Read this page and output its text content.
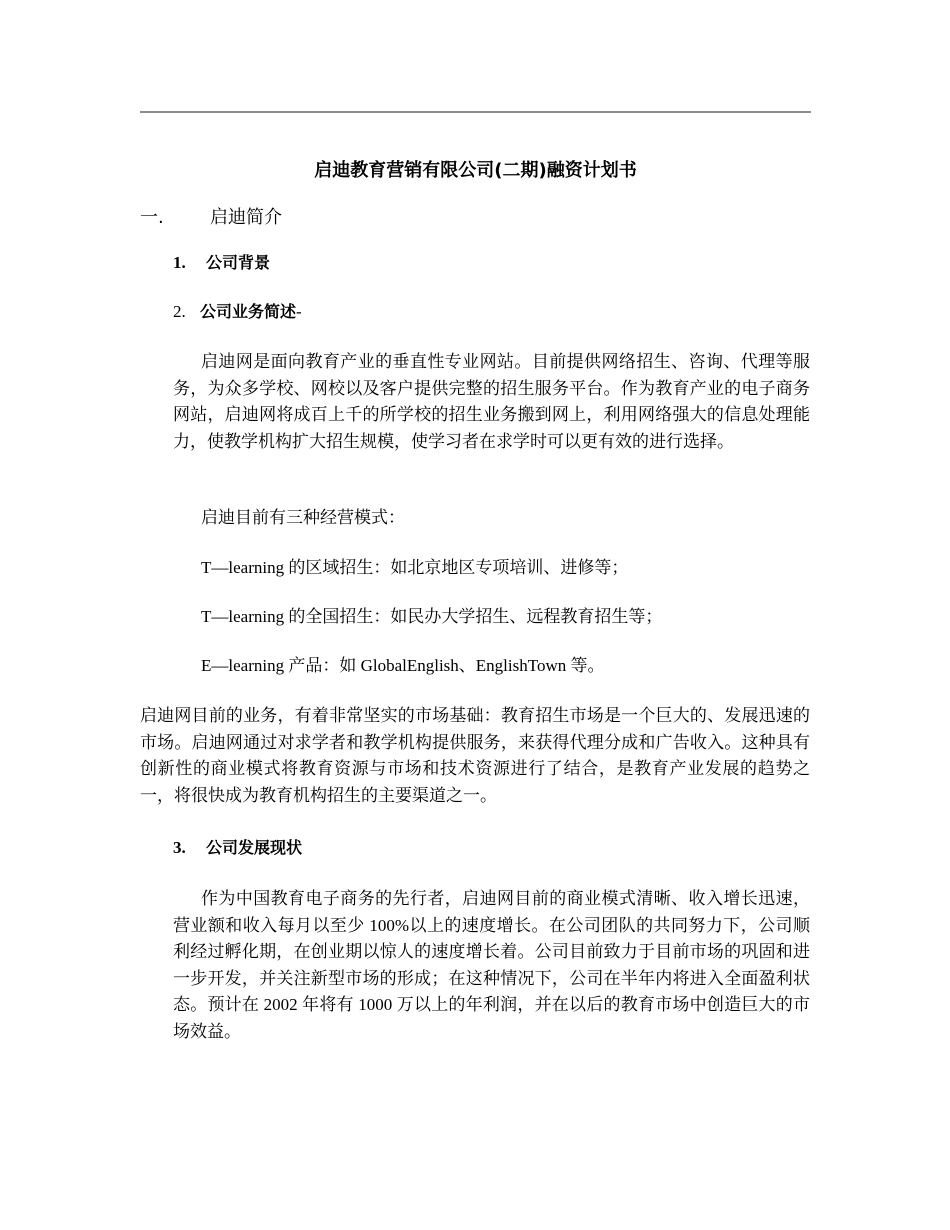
启迪教育营销有限公司(二期)融资计划书
一.	启迪简介
1. 公司背景
2. 公司业务简述-
启迪网是面向教育产业的垂直性专业网站。目前提供网络招生、咨询、代理等服务，为众多学校、网校以及客户提供完整的招生服务平台。作为教育产业的电子商务网站，启迪网将成百上千的所学校的招生业务搬到网上，利用网络强大的信息处理能力，使教学机构扩大招生规模，使学习者在求学时可以更有效的进行选择。
启迪目前有三种经营模式：
T—learning 的区域招生：如北京地区专项培训、进修等；
T—learning 的全国招生：如民办大学招生、远程教育招生等；
E—learning 产品：如 GlobalEnglish、EnglishTown 等。
启迪网目前的业务，有着非常坚实的市场基础：教育招生市场是一个巨大的、发展迅速的市场。启迪网通过对求学者和教学机构提供服务，来获得代理分成和广告收入。这种具有创新性的商业模式将教育资源与市场和技术资源进行了结合，是教育产业发展的趋势之一，将很快成为教育机构招生的主要渠道之一。
3. 公司发展现状
作为中国教育电子商务的先行者，启迪网目前的商业模式清晰、收入增长迅速，营业额和收入每月以至少 100%以上的速度增长。在公司团队的共同努力下，公司顺利经过孵化期，在创业期以惊人的速度增长着。公司目前致力于目前市场的巩固和进一步开发，并关注新型市场的形成；在这种情况下，公司在半年内将进入全面盈利状态。预计在 2002 年将有 1000 万以上的年利润，并在以后的教育市场中创造巨大的市场效益。
